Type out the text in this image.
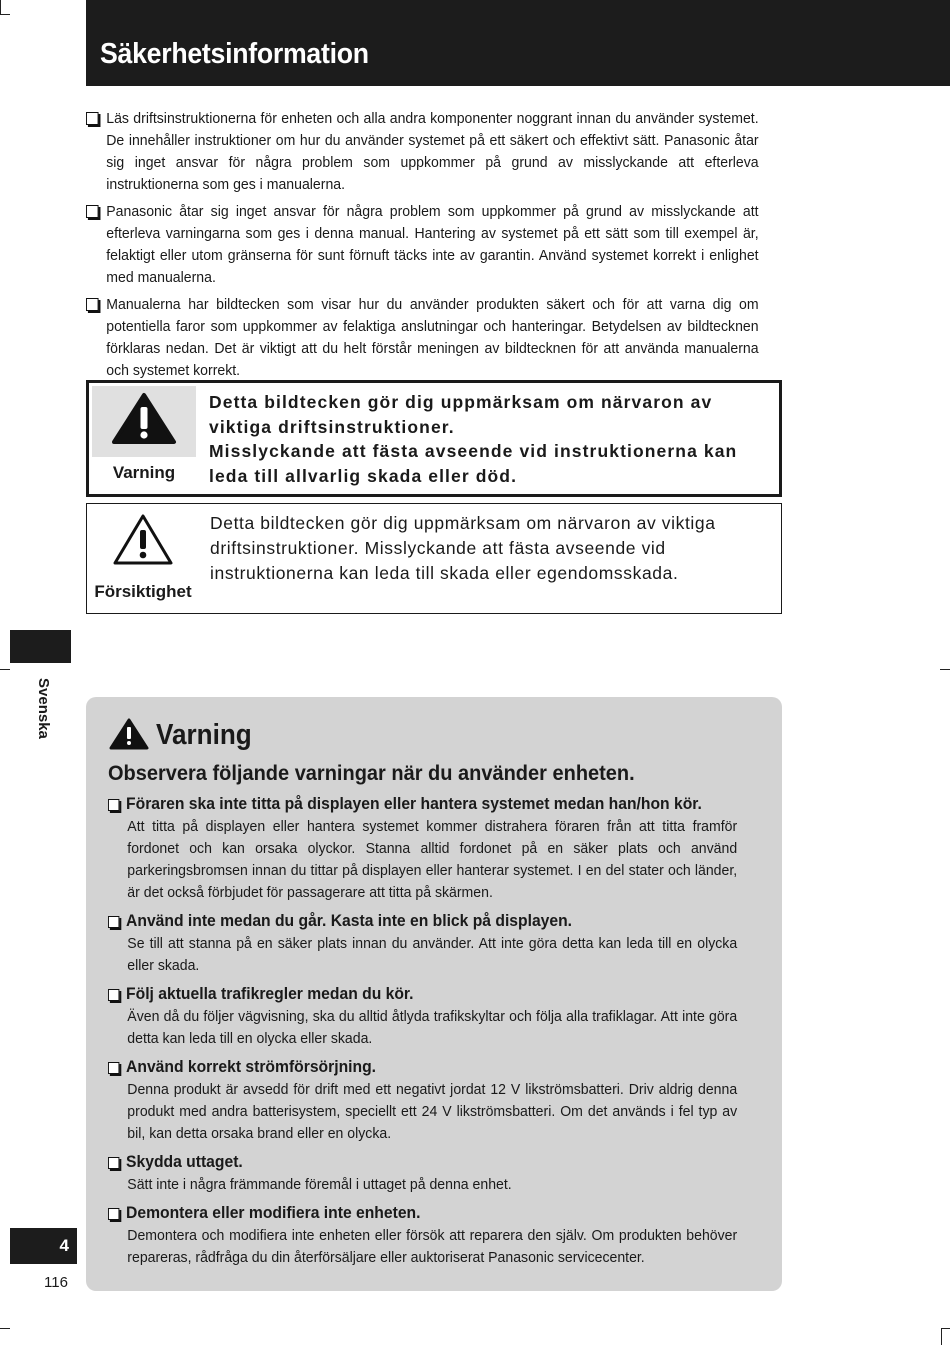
Säkerhetsinformation
Läs driftsinstruktionerna för enheten och alla andra komponenter noggrant innan du använder systemet. De innehåller instruktioner om hur du använder systemet på ett säkert och effektivt sätt. Panasonic åtar sig inget ansvar för några problem som uppkommer på grund av misslyckande att efterleva instruktionerna som ges i manualerna.
Panasonic åtar sig inget ansvar för några problem som uppkommer på grund av misslyckande att efterleva varningarna som ges i denna manual. Hantering av systemet på ett sätt som till exempel är, felaktigt eller utom gränserna för sunt förnuft täcks inte av garantin. Använd systemet korrekt i enlighet med manualerna.
Manualerna har bildtecken som visar hur du använder produkten säkert och för att varna dig om potentiella faror som uppkommer av felaktiga anslutningar och hanteringar. Betydelsen av bildtecknen förklaras nedan. Det är viktigt att du helt förstår meningen av bildtecknen för att använda manualerna och systemet korrekt.
Varning
Detta bildtecken gör dig uppmärksam om närvaron av viktiga driftsinstruktioner.
Misslyckande att fästa avseende vid instruktionerna kan leda till allvarlig skada eller död.
Försiktighet
Detta bildtecken gör dig uppmärksam om närvaron av viktiga driftsinstruktioner. Misslyckande att fästa avseende vid instruktionerna kan leda till skada eller egendomsskada.
Svenska	Varning
Observera följande varningar när du använder enheten.
Föraren ska inte titta på displayen eller hantera systemet medan han/hon kör.
Att titta på displayen eller hantera systemet kommer distrahera föraren från att titta framför fordonet och kan orsaka olyckor. Stanna alltid fordonet på en säker plats och använd parkeringsbromsen innan du tittar på displayen eller hanterar systemet. I en del stater och länder, är det också förbjudet för passagerare att titta på skärmen.
Använd inte medan du går. Kasta inte en blick på displayen.
Se till att stanna på en säker plats innan du använder. Att inte göra detta kan leda till en olycka eller skada.
Följ aktuella trafikregler medan du kör.
Även då du följer vägvisning, ska du alltid åtlyda trafikskyltar och följa alla trafiklagar. Att inte göra detta kan leda till en olycka eller skada.
Använd korrekt strömförsörjning.
Denna produkt är avsedd för drift med ett negativt jordat 12 V likströmsbatteri. Driv aldrig denna produkt med andra batterisystem, speciellt ett 24 V likströmsbatteri. Om det används i fel typ av bil, kan detta orsaka brand eller en olycka.
Skydda uttaget.
Sätt inte i några främmande föremål i uttaget på denna enhet.
Demontera eller modifiera inte enheten.
Demontera och modifiera inte enheten eller försök att reparera den själv. Om produkten behöver repareras, rådfråga du din återförsäljare eller auktoriserat Panasonic servicecenter.
4
116
